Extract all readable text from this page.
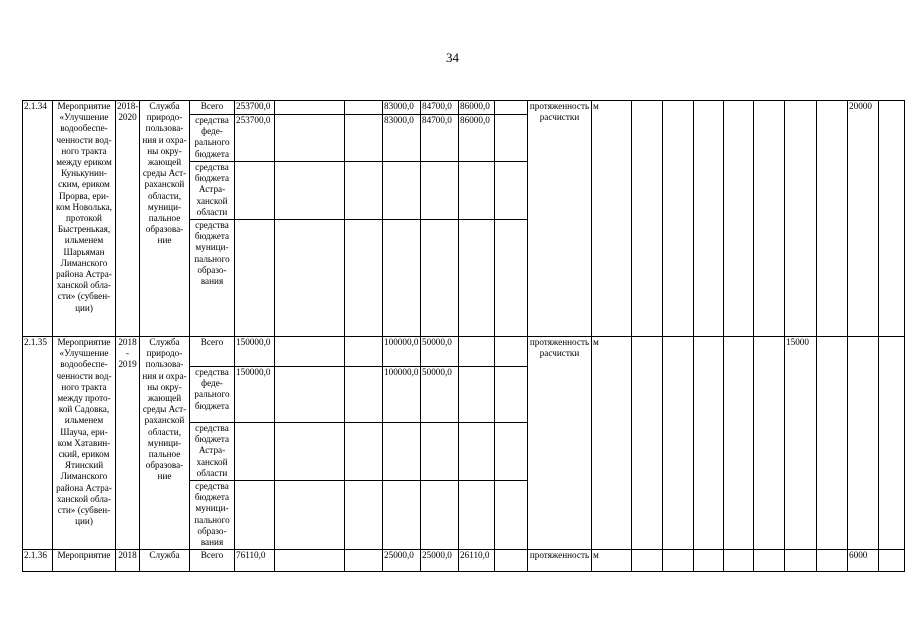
34
2.1.34	Мероприятие «Улучшение водообеспе-ченности вод-ного тракта между ериком Кунькунин-ским, ериком Прорва, ери-ком Новолька, протокой Быстренькая, ильменем Шарьяман Лиманского района Астра-ханской обла-сти» (субвен-ции)	2018-2020	Служба природо-пользова-ния и охра-ны окру-жающей среды Аст-раханской области, муници-пальное образова-ние	Всего	253700,0			83000,0	84700,0	86000,0		протяженность расчистки	м								20000	
				средства феде-рального бюджета	253700,0			83000,0	84700,0	86000,0												
				средства бюджета Астра-ханской области																		
				средства бюджета муници-пального образо-вания																		
2.1.35	Мероприятие «Улучшение водообеспе-ченности вод-ного тракта между прото-кой Садовка, ильменем Шауча, ери-ком Хатавин-ский, ериком Ятинский Лиманского района Астра-ханской обла-сти» (субвен-ции)	2018 - 2019	Служба природо-пользова-ния и охра-ны окру-жающей среды Аст-раханской области, муници-пальное образова-ние	Всего	150000,0			100000,0	50000,0			протяженность расчистки	м						15000			
				средства феде-рального бюджета	150000,0			100000,0	50000,0													
				средства бюджета Астра-ханской области																		
				средства бюджета муници-пального образо-вания																		
2.1.36	Мероприятие	2018	Служба	Всего	76110,0			25000,0	25000,0	26110,0		протяженность	м								6000	
